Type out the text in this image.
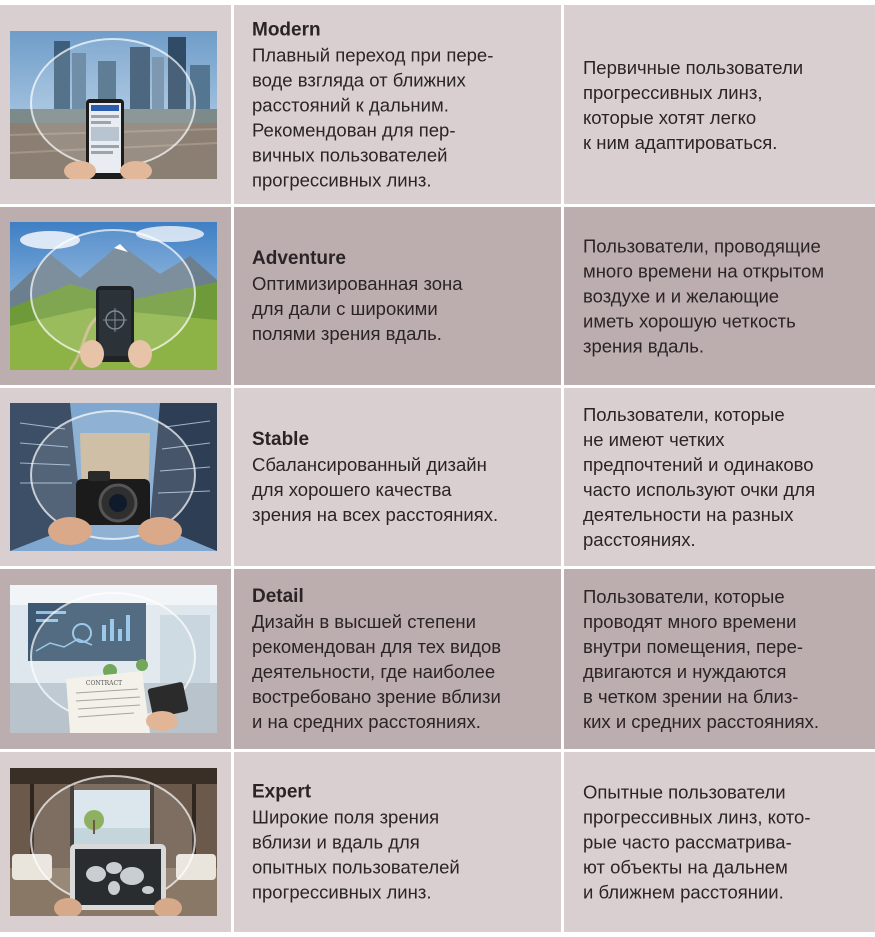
Modern
Плавный переход при пере-
воде взгляда от ближних
расстояний к дальним.
Рекомендован для пер-
вичных пользователей
прогрессивных линз.
Первичные пользователи
прогрессивных линз,
которые хотят легко
к ним адаптироваться.
Adventure
Оптимизированная зона
для дали с широкими
полями зрения вдаль.
Пользователи, проводящие
много времени на открытом
воздухе и и желающие
иметь хорошую четкость
зрения вдаль.
Stable
Сбалансированный дизайн
для хорошего качества
зрения на всех расстояниях.
Пользователи, которые
не имеют четких
предпочтений и одинаково
часто используют очки для
деятельности на разных
расстояниях.
CONTRACT
Detail
Дизайн в высшей степени
рекомендован для тех видов
деятельности, где наиболее
востребовано зрение вблизи
и на средних расстояниях.
Пользователи, которые
проводят много времени
внутри помещения, пере-
двигаются и нуждаются
в четком зрении на близ-
ких и средних расстояниях.
Expert
Широкие поля зрения
вблизи и вдаль для
опытных пользователей
прогрессивных линз.
Опытные пользователи
прогрессивных линз, кото-
рые часто рассматрива-
ют объекты на дальнем
и ближнем расстоянии.
